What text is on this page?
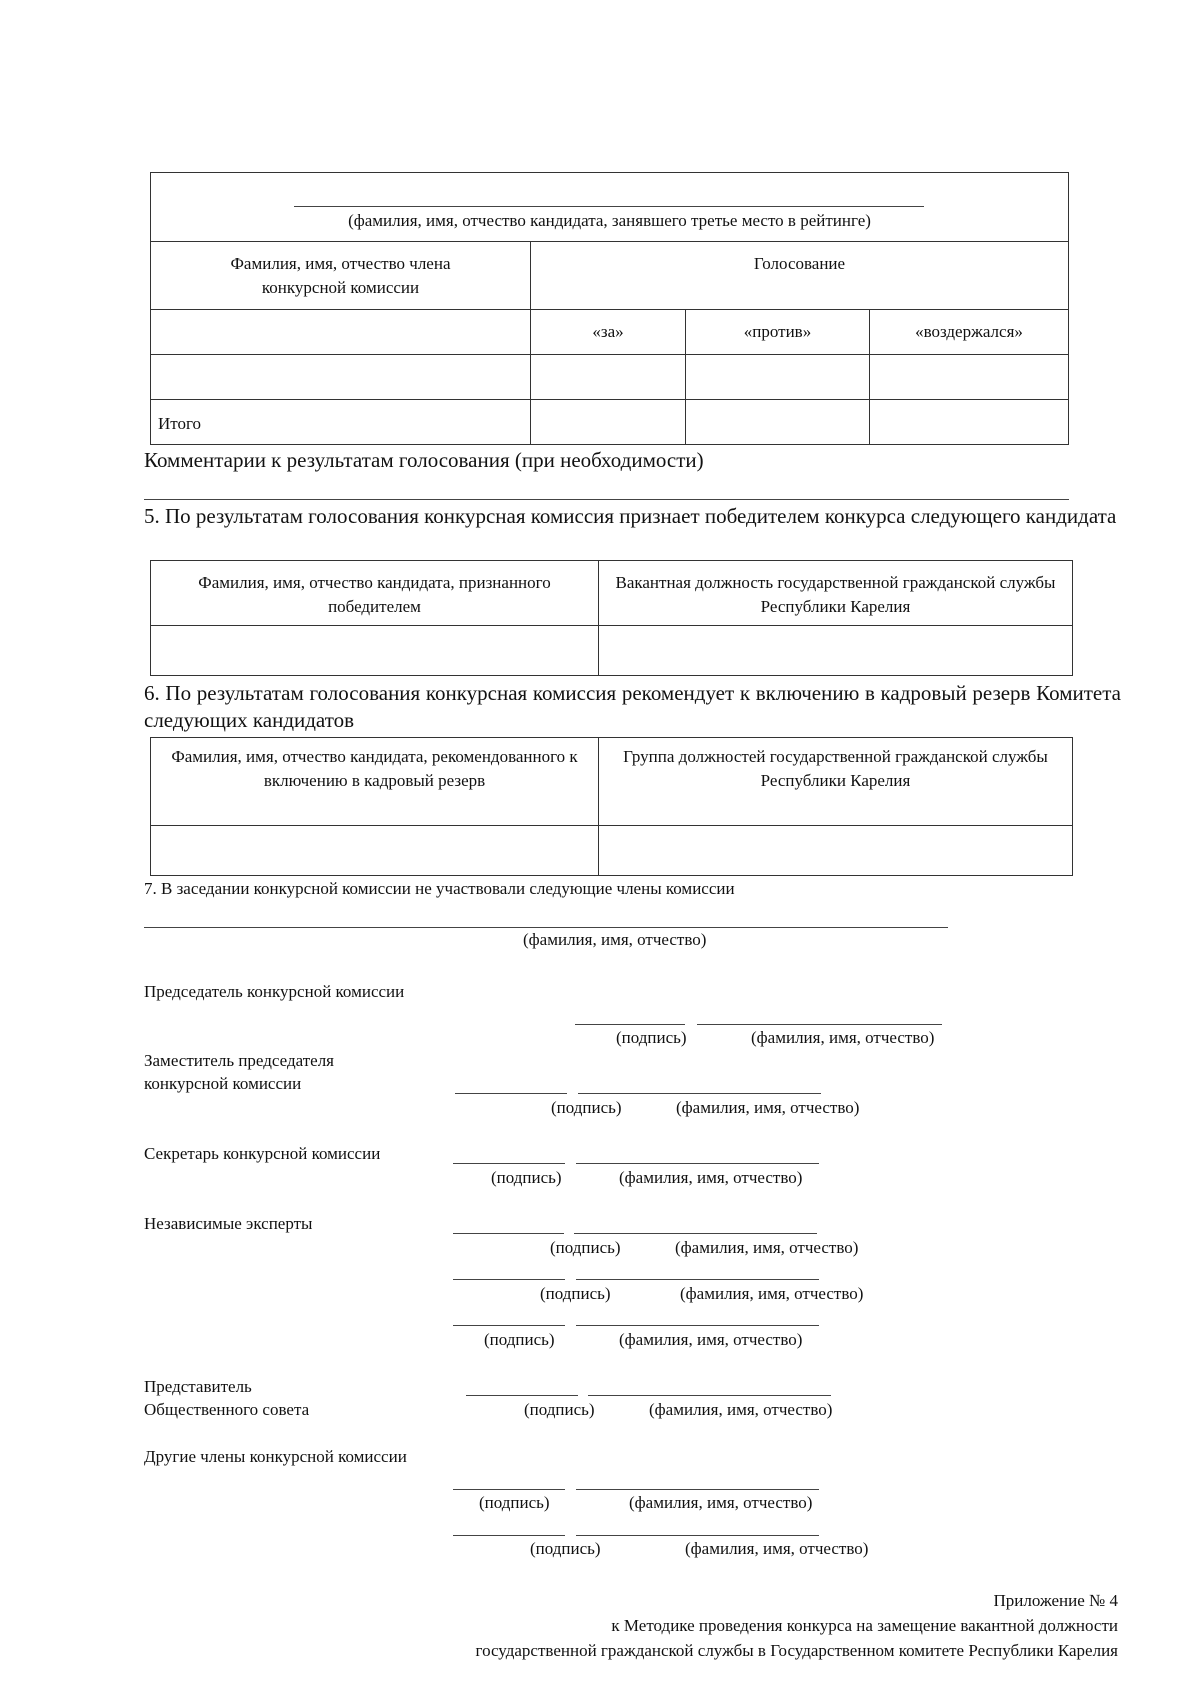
(фамилия, имя, отчество кандидата, занявшего третье место в рейтинге)			

Фамилия, имя, отчество члена конкурсной комиссии	Голосование		
	«за»	«против»	«воздержался»

Итого			
Комментарии к результатам голосования (при необходимости)
5. По результатам голосования конкурсная комиссия признает победителем конкурса следующего кандидата
Фамилия, имя, отчество кандидата, признанного победителем	Вакантная должность государственной гражданской службы Республики Карелия

6. По результатам голосования конкурсная комиссия рекомендует к включению в кадровый резерв Комитета следующих кандидатов
Фамилия, имя, отчество кандидата, рекомендованного к включению в кадровый резерв	Группа должностей государственной гражданской службы Республики Карелия

7. В заседании конкурсной комиссии не участвовали следующие члены комиссии
(фамилия, имя, отчество)
Председатель конкурсной комиссии
(подпись)	(фамилия, имя, отчество)
Заместитель председателя
конкурсной комиссии
(подпись)	(фамилия, имя, отчество)
Секретарь конкурсной комиссии
(подпись)	(фамилия, имя, отчество)
Независимые эксперты
(подпись)	(фамилия, имя, отчество)
(подпись)	(фамилия, имя, отчество)
(подпись)	(фамилия, имя, отчество)
Представитель
Общественного совета	(подпись)	(фамилия, имя, отчество)
Другие члены конкурсной комиссии
(подпись)	(фамилия, имя, отчество)
(подпись)	(фамилия, имя, отчество)
Приложение № 4
к Методике проведения конкурса на замещение вакантной должности
государственной гражданской службы в Государственном комитете Республики Карелия
